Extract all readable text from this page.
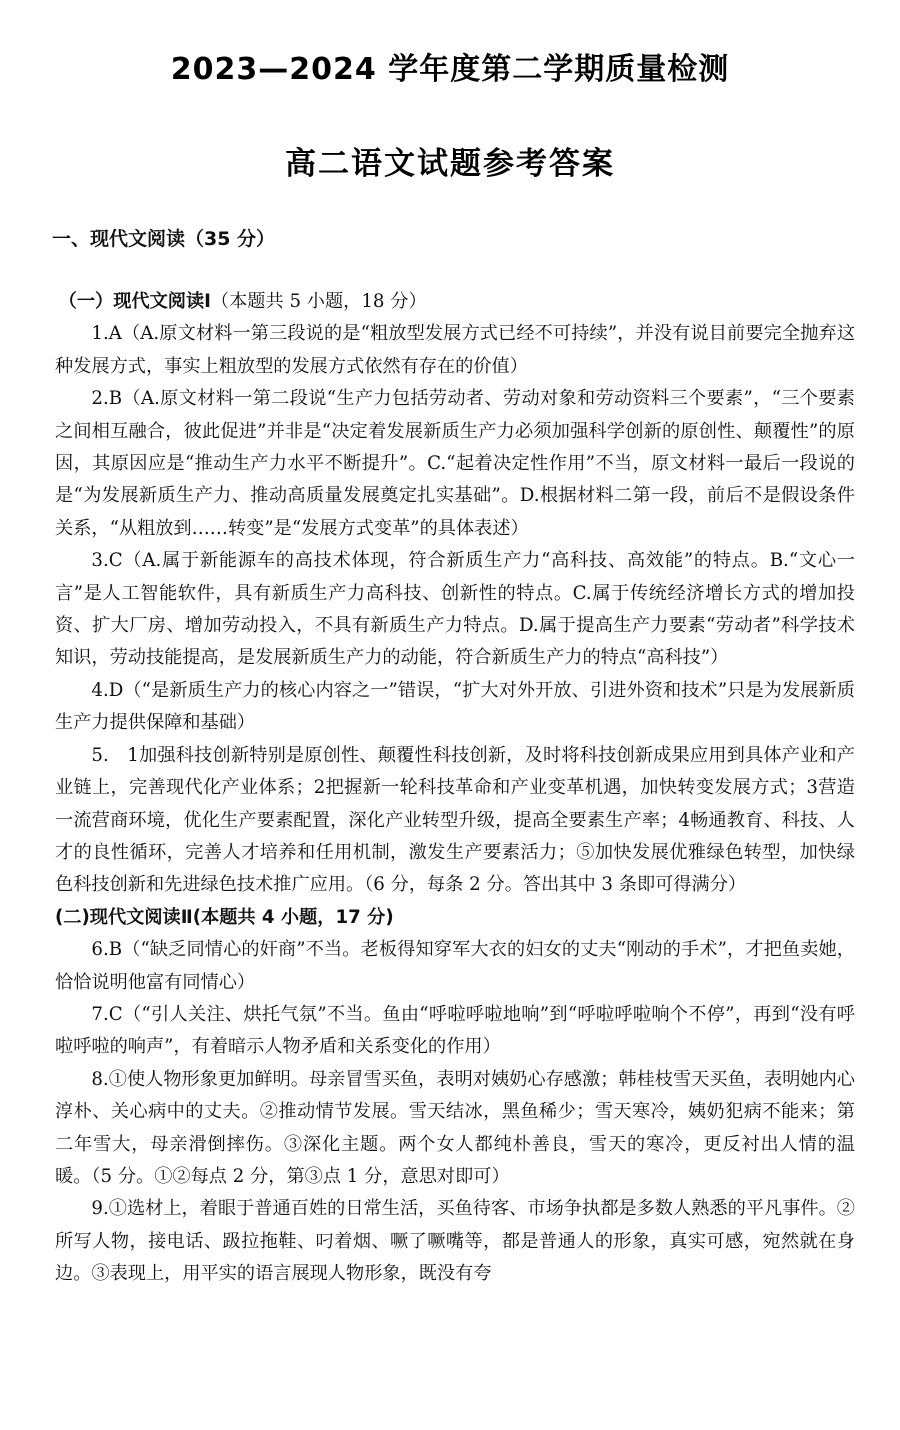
2023—2024 学年度第二学期质量检测
高二语文试题参考答案
一、现代文阅读（35 分）

（一）现代文阅读Ⅰ（本题共 5 小题，18 分）

1.A（A.原文材料一第三段说的是“粗放型发展方式已经不可持续”，并没有说目前要完全抛弃这种发展方式，事实上粗放型的发展方式依然有存在的价值）

2.B（A.原文材料一第二段说“生产力包括劳动者、劳动对象和劳动资料三个要素”，“三个要素之间相互融合，彼此促进”并非是“决定着发展新质生产力必须加强科学创新的原创性、颠覆性”的原因，其原因应是“推动生产力水平不断提升”。C.“起着决定性作用”不当，原文材料一最后一段说的是“为发展新质生产力、推动高质量发展奠定扎实基础”。D.根据材料二第一段，前后不是假设条件关系，“从粗放到……转变”是“发展方式变革”的具体表述）

3.C（A.属于新能源车的高技术体现，符合新质生产力“高科技、高效能”的特点。B.“文心一言”是人工智能软件，具有新质生产力高科技、创新性的特点。C.属于传统经济增长方式的增加投资、扩大厂房、增加劳动投入，不具有新质生产力特点。D.属于提高生产力要素“劳动者”科学技术知识，劳动技能提高，是发展新质生产力的动能，符合新质生产力的特点“高科技”）

4.D（“是新质生产力的核心内容之一”错误，“扩大对外开放、引进外资和技术”只是为发展新质生产力提供保障和基础）

5.　1加强科技创新特别是原创性、颠覆性科技创新，及时将科技创新成果应用到具体产业和产业链上，完善现代化产业体系；2把握新一轮科技革命和产业变革机遇，加快转变发展方式；3营造一流营商环境，优化生产要素配置，深化产业转型升级，提高全要素生产率；4畅通教育、科技、人才的良性循环，完善人才培养和任用机制，激发生产要素活力；⑤加快发展优雅绿色转型，加快绿色科技创新和先进绿色技术推广应用。（6 分，每条 2 分。答出其中 3 条即可得满分）

(二)现代文阅读Ⅱ(本题共 4 小题，17 分)

6.B（“缺乏同情心的奸商”不当。老板得知穿军大衣的妇女的丈夫“刚动的手术”，才把鱼卖她，恰恰说明他富有同情心）

7.C（“引人关注、烘托气氛”不当。鱼由“呼啦呼啦地响”到“呼啦呼啦响个不停”，再到“没有呼啦呼啦的响声”，有着暗示人物矛盾和关系变化的作用）

8.①使人物形象更加鲜明。母亲冒雪买鱼，表明对姨奶心存感激；韩桂枝雪天买鱼，表明她内心淳朴、关心病中的丈夫。②推动情节发展。雪天结冰，黑鱼稀少；雪天寒冷，姨奶犯病不能来；第二年雪大，母亲滑倒摔伤。③深化主题。两个女人都纯朴善良，雪天的寒冷，更反衬出人情的温暖。（5 分。①②每点 2 分，第③点 1 分，意思对即可）

9.①选材上，着眼于普通百姓的日常生活，买鱼待客、市场争执都是多数人熟悉的平凡事件。②所写人物，接电话、趿拉拖鞋、叼着烟、噘了噘嘴等，都是普通人的形象，真实可感，宛然就在身边。③表现上，用平实的语言展现人物形象，既没有夸
